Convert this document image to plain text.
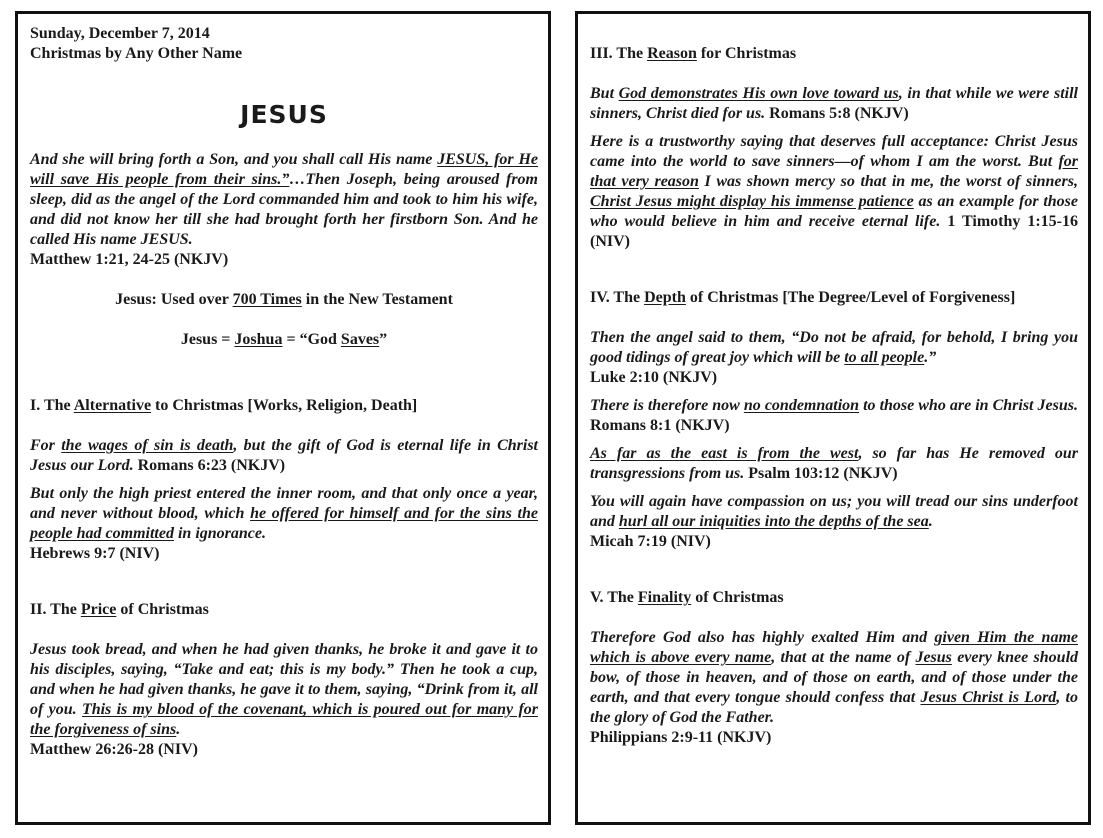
Sunday, December 7, 2014

Christmas by Any Other Name

JESUS

And she will bring forth a Son, and you shall call His name JESUS, for He will save His people from their sins.”…Then Joseph, being aroused from sleep, did as the angel of the Lord commanded him and took to him his wife, and did not know her till she had brought forth her firstborn Son. And he called His name JESUS.

Matthew 1:21, 24-25 (NKJV)

Jesus: Used over 700 Times in the New Testament

Jesus = Joshua = “God Saves”

I. The Alternative to Christmas [Works, Religion, Death]

For the wages of sin is death, but the gift of God is eternal life in Christ Jesus our Lord. Romans 6:23 (NKJV)

But only the high priest entered the inner room, and that only once a year, and never without blood, which he offered for himself and for the sins the people had committed in ignorance.

Hebrews 9:7 (NIV)

II. The Price of Christmas

Jesus took bread, and when he had given thanks, he broke it and gave it to his disciples, saying, “Take and eat; this is my body.” Then he took a cup, and when he had given thanks, he gave it to them, saying, “Drink from it, all of you. This is my blood of the covenant, which is poured out for many for the forgiveness of sins.

Matthew 26:26-28 (NIV)

III. The Reason for Christmas

But God demonstrates His own love toward us, in that while we were still sinners, Christ died for us. Romans 5:8 (NKJV)

Here is a trustworthy saying that deserves full acceptance: Christ Jesus came into the world to save sinners—of whom I am the worst. But for that very reason I was shown mercy so that in me, the worst of sinners, Christ Jesus might display his immense patience as an example for those who would believe in him and receive eternal life. 1 Timothy 1:15-16 (NIV)

IV. The Depth of Christmas [The Degree/Level of Forgiveness]

Then the angel said to them, “Do not be afraid, for behold, I bring you good tidings of great joy which will be to all people.”

Luke 2:10 (NKJV)

There is therefore now no condemnation to those who are in Christ Jesus. Romans 8:1 (NKJV)

As far as the east is from the west, so far has He removed our transgressions from us. Psalm 103:12 (NKJV)

You will again have compassion on us; you will tread our sins underfoot and hurl all our iniquities into the depths of the sea.

Micah 7:19 (NIV)

V. The Finality of Christmas

Therefore God also has highly exalted Him and given Him the name which is above every name, that at the name of Jesus every knee should bow, of those in heaven, and of those on earth, and of those under the earth, and that every tongue should confess that Jesus Christ is Lord, to the glory of God the Father.

Philippians 2:9-11 (NKJV)
